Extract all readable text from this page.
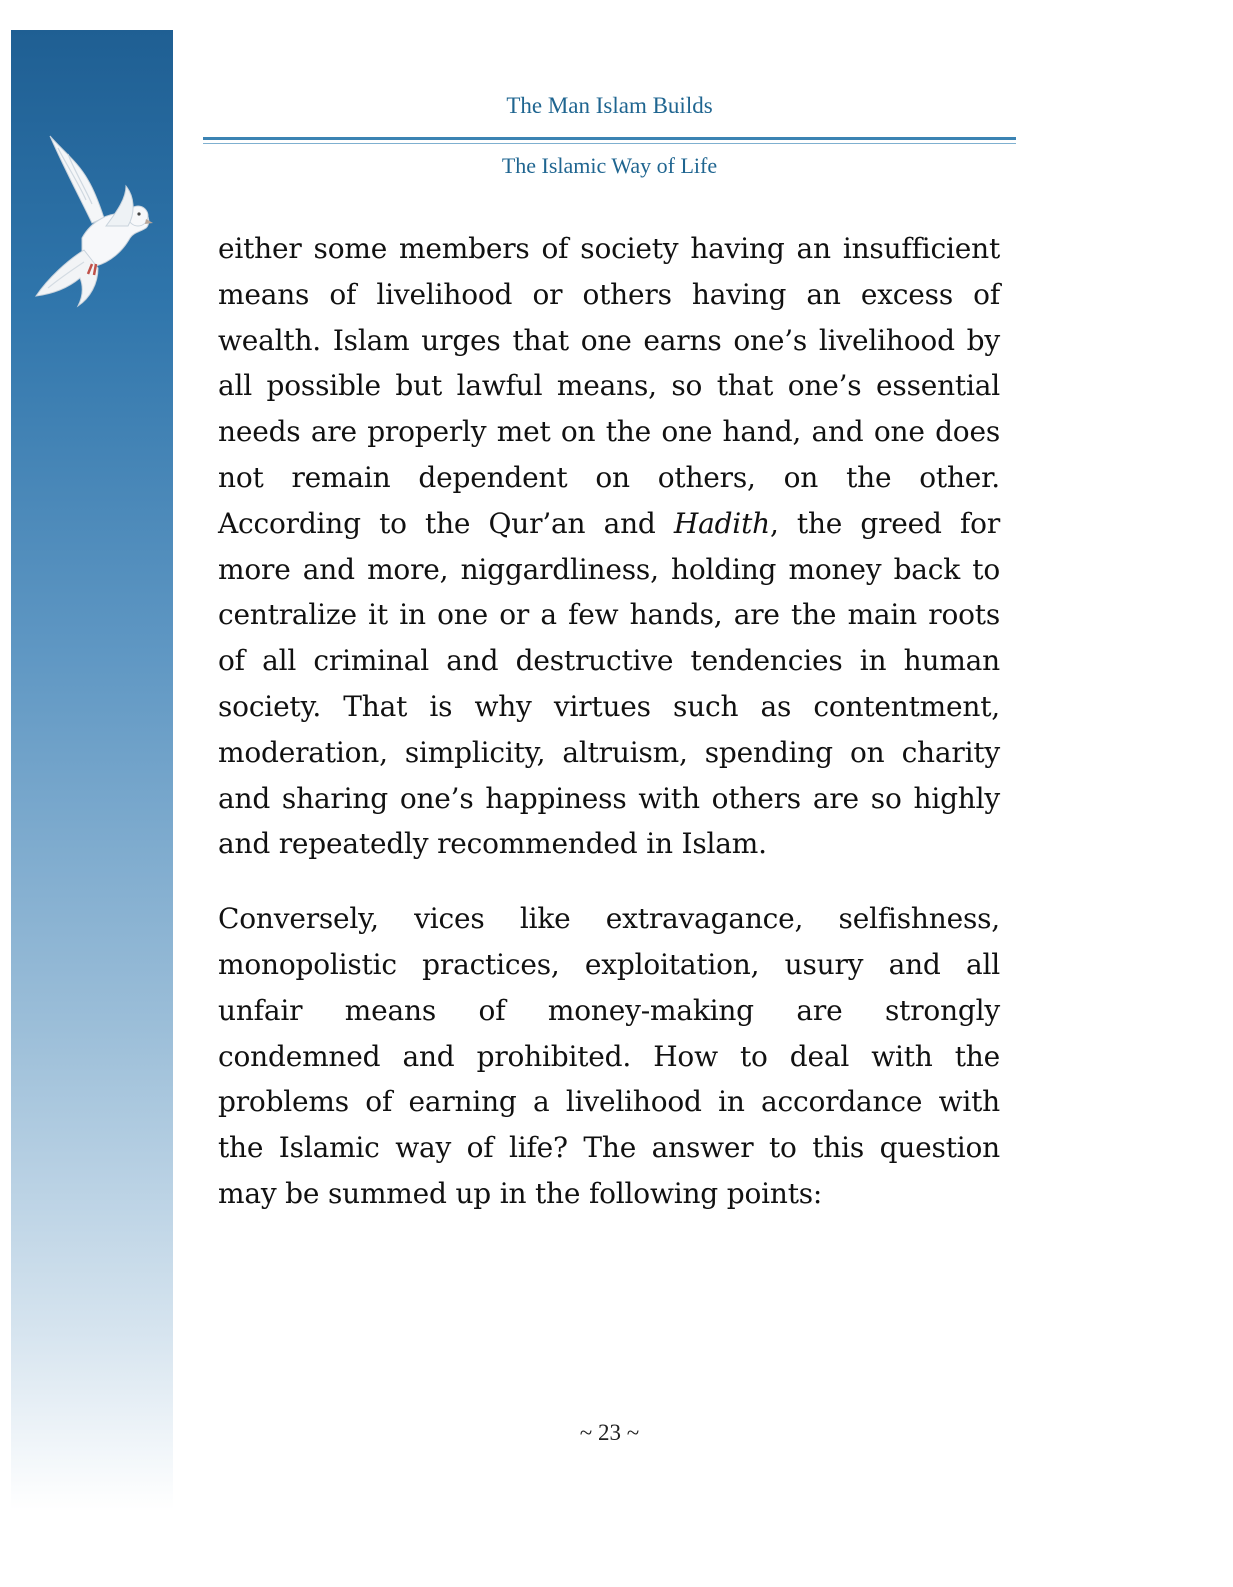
The Man Islam Builds
The Islamic Way of Life

either some members of society having an insufficient means of livelihood or others having an excess of wealth. Islam urges that one earns one’s livelihood by all possible but lawful means, so that one’s essential needs are properly met on the one hand, and one does not remain dependent on others, on the other. According to the Qur’an and Hadith, the greed for more and more, niggardliness, holding money back to centralize it in one or a few hands, are the main roots of all criminal and destructive tendencies in human society. That is why virtues such as contentment, moderation, simplicity, altruism, spending on charity and sharing one’s happiness with others are so highly and repeatedly recommended in Islam.

Conversely, vices like extravagance, selfishness, monopolistic practices, exploitation, usury and all unfair means of money-making are strongly condemned and prohibited. How to deal with the problems of earning a livelihood in accordance with the Islamic way of life? The answer to this question may be summed up in the following points:

~ 23 ~
